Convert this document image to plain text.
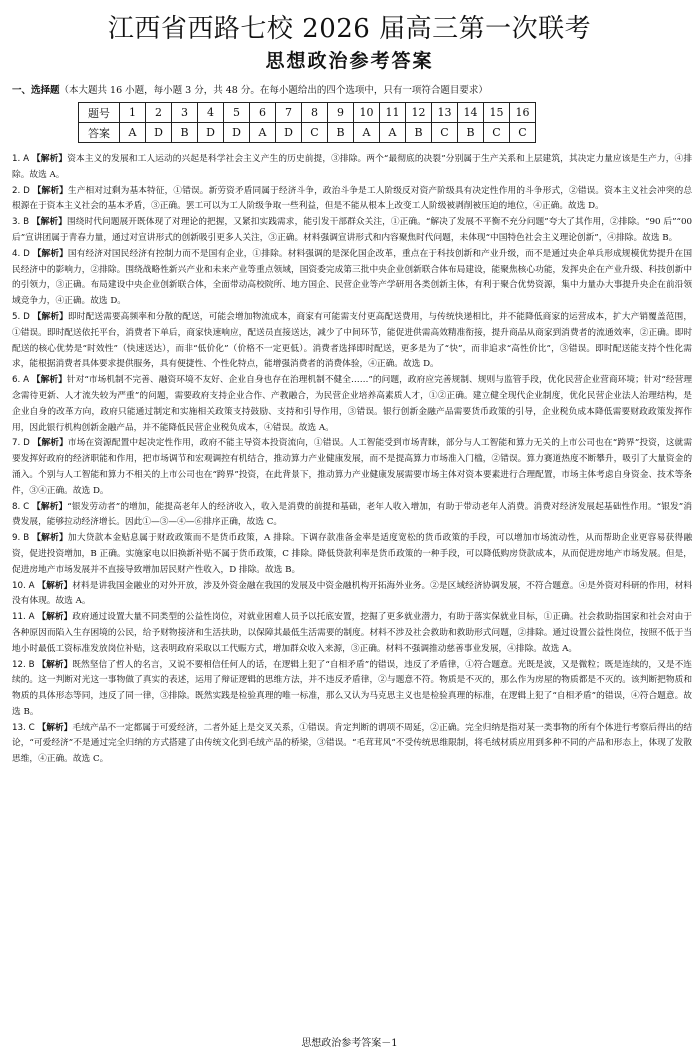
江西省西路七校 2026 届高三第一次联考
思想政治参考答案
一、选择题（本大题共 16 小题，每小题 3 分，共 48 分。在每小题给出的四个选项中，只有一项符合题目要求）
题号	1	2	3	4	5	6	7	8	9	10	11	12	13	14	15	16
答案	A	D	B	D	D	A	D	C	B	A	A	B	C	B	C	C

1. A 【解析】资本主义的发展和工人运动的兴起是科学社会主义产生的历史前提，③排除。两个“最彻底的决裂”分别属于生产关系和上层建筑，其决定力量应该是生产力，④排除。故选 A。

2. D 【解析】生产相对过剩为基本特征，①错误。新劳资矛盾同属于经济斗争，政治斗争是工人阶级反对资产阶级具有决定性作用的斗争形式，②错误。资本主义社会冲突的总根源在于资本主义社会的基本矛盾，③正确。罢工可以为工人阶级争取一些利益，但是不能从根本上改变工人阶级被剥削被压迫的地位，④正确。故选 D。

3. B 【解析】围绕时代问题展开既体现了对理论的把握，又紧扣实践需求，能引发干部群众关注，①正确。“解决了发展不平衡不充分问题”夸大了其作用，②排除。“90 后”“00 后”宣讲团属于青春力量，通过对宣讲形式的创新吸引更多人关注，③正确。材料强调宣讲形式和内容聚焦时代问题，未体现“中国特色社会主义理论创新”，④排除。故选 B。

4. D 【解析】国有经济对国民经济有控制力而不是国有企业，①排除。材料强调的是深化国企改革，重点在于科技创新和产业升级，而不是通过央企单兵形成规模优势提升在国民经济中的影响力，②排除。围绕战略性新兴产业和未来产业等重点领域，国资委完成第三批中央企业创新联合体布局建设，能聚焦核心功能，发挥央企在产业升级、科技创新中的引领力，③正确。布局建设中央企业创新联合体，全面带动高校院所、地方国企、民营企业等产学研用各类创新主体，有利于聚合优势资源，集中力量办大事提升央企在前沿领域竞争力，④正确。故选 D。

5. D 【解析】即时配送需要高频率和分散的配送，可能会增加物流成本，商家有可能需支付更高配送费用，与传统快递相比，并不能降低商家的运营成本，扩大产销覆盖范围，①错误。即时配送依托平台，消费者下单后，商家快速响应，配送员直接送达，减少了中间环节，能促进供需高效精准衔接，提升商品从商家到消费者的流通效率，②正确。即时配送的核心优势是“时效性”（快速送达），而非“低价化”（价格不一定更低）。消费者选择即时配送，更多是为了“快”，而非追求“高性价比”，③错误。即时配送能支持个性化需求，能根据消费者具体要求提供服务，具有便捷性、个性化特点，能增强消费者的消费体验，④正确。故选 D。

6. A 【解析】针对“市场机制不完善、融资环境不友好、企业自身也存在治理机制不健全……”的问题，政府应完善规制、规则与监管手段，优化民营企业营商环境；针对“经营理念需待更新、人才流失较为严重”的问题，需要政府支持企业合作、产教融合，为民营企业培养高素质人才，①②正确。建立健全现代企业制度，优化民营企业法人治理结构，是企业自身的改革方向，政府只能通过制定和实施相关政策支持鼓励、支持和引导作用，③错误。银行创新金融产品需要货币政策的引导，企业税负成本降低需要财政政策发挥作用，因此银行机构创新金融产品，并不能降低民营企业税负成本，④错误。故选 A。

7. D 【解析】市场在资源配置中起决定性作用，政府不能主导资本投资流向，①错误。人工智能受到市场青睐，部分与人工智能和算力无关的上市公司也在“跨界”投资，这就需要发挥好政府的经济职能和作用，把市场调节和宏观调控有机结合，推动算力产业健康发展，而不是提高算力市场准入门槛，②错误。算力赛道热度不断攀升，吸引了大量资金的涌入。个别与人工智能和算力不相关的上市公司也在“跨界”投资，在此背景下，推动算力产业健康发展需要市场主体对资本要素进行合理配置，市场主体考虑自身资金、技术等条件，③④正确。故选 D。

8. C 【解析】“银发劳动者”的增加，能提高老年人的经济收入，收入是消费的前提和基础，老年人收入增加，有助于带动老年人消费。消费对经济发展起基础性作用。“银发”消费发展，能够拉动经济增长。因此①—③—④—⑥排序正确，故选 C。

9. B 【解析】加大贷款本金贴息属于财政政策而不是货币政策，A 排除。下调存款准备金率是适度宽松的货币政策的手段，可以增加市场流动性，从而帮助企业更容易获得融资，促进投资增加，B 正确。实施家电以旧换新补贴不属于货币政策，C 排除。降低贷款利率是货币政策的一种手段，可以降低购房贷款成本，从而促进房地产市场发展。但是，促进房地产市场发展并不直接导致增加居民财产性收入，D 排除。故选 B。

10. A 【解析】材料是讲我国金融业的对外开放，涉及外资金融在我国的发展及中资金融机构开拓海外业务。②是区域经济协调发展，不符合题意。④是外资对科研的作用，材料没有体现。故选 A。

11. A 【解析】政府通过设置大量不同类型的公益性岗位，对就业困难人员予以托底安置，挖掘了更多就业潜力，有助于落实保就业目标，①正确。社会救助指国家和社会对由于各种原因而陷入生存困境的公民，给予财物接济和生活扶助，以保障其最低生活需要的制度。材料不涉及社会救助和救助形式问题，②排除。通过设置公益性岗位，按照不低于当地小时最低工资标准发放岗位补贴，这表明政府采取以工代赈方式，增加群众收入来源，③正确。材料不强调推动慈善事业发展，④排除。故选 A。

12. B 【解析】既然坚信了哲人的名言，又说不要相信任何人的话，在逻辑上犯了“自相矛盾”的错误，违反了矛盾律，①符合题意。光既是波，又是微粒；既是连续的，又是不连续的。这一判断对光这一事物做了真实的表述，运用了辩证逻辑的思维方法，并不违反矛盾律，②与题意不符。物质是不灭的，那么作为房屋的物质都是不灭的。该判断把物质和物质的具体形态等同，违反了同一律，③排除。既然实践是检验真理的唯一标准，那么又认为马克思主义也是检验真理的标准，在逻辑上犯了“自相矛盾”的错误，④符合题意。故选 B。

13. C 【解析】毛绒产品不一定都属于可爱经济，二者外延上是交叉关系，①错误。肯定判断的谓项不周延，②正确。完全归纳是指对某一类事物的所有个体进行考察后得出的结论，“可爱经济”不是通过完全归纳的方式搭建了由传统文化到毛绒产品的桥梁，③错误。“毛茸茸风”不受传统思维限制，将毛绒材质应用到多种不同的产品和形态上，体现了发散思维，④正确。故选 C。

思想政治参考答案－1
